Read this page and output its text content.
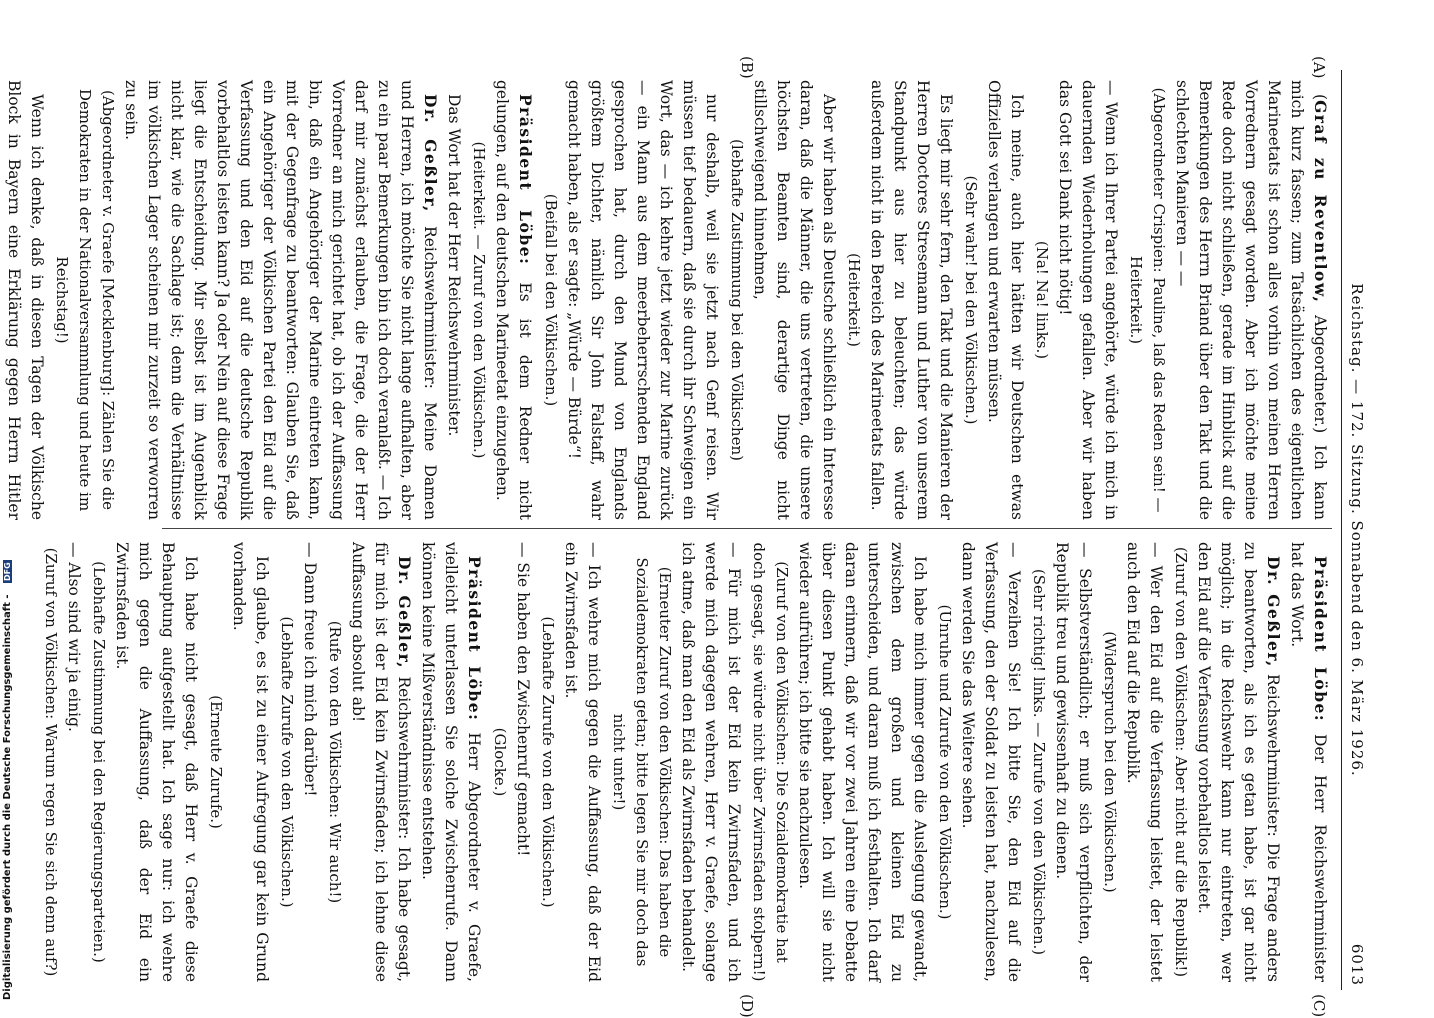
Reichstag. — 172. Sitzung. Sonnabend den 6. März 1926.
6013
(A)
(B)
(C)
(D)
(Graf zu Reventlow, Abgeordneter.) Ich kann mich kurz fassen; zum Tatsächlichen des eigentlichen Marineetats ist schon alles vorhin von meinen Herren Vorrednern gesagt worden. Aber ich möchte meine Rede doch nicht schließen, gerade im Hinblick auf die Bemerkungen des Herrn Briand über den Takt und die schlechten Manieren — —
(Abgeordneter Crispien: Pauline, laß das Reden sein! — Heiterkeit.)
— Wenn ich Ihrer Partei angehörte, würde ich mich in dauernden Wiederholungen gefallen. Aber wir haben das Gott sei Dank nicht nötig!
(Na! Na! links.)
Ich meine, auch hier hätten wir Deutschen etwas Offizielles verlangen und erwarten müssen.
(Sehr wahr! bei den Völkischen.)
Es liegt mir sehr fern, den Takt und die Manieren der Herren Doctores Stresemann und Luther von unserem Standpunkt aus hier zu beleuchten; das würde außerdem nicht in den Bereich des Marineetats fallen.
(Heiterkeit.)
Aber wir haben als Deutsche schließlich ein Interesse daran, daß die Männer, die uns vertreten, die unsere höchsten Beamten sind, derartige Dinge nicht stillschweigend hinnehmen,
(lebhafte Zustimmung bei den Völkischen)
nur deshalb, weil sie jetzt nach Genf reisen. Wir müssen tief bedauern, daß sie durch ihr Schweigen ein Wort, das — ich kehre jetzt wieder zur Marine zurück — ein Mann aus dem meerbeherrschenden England gesprochen hat, durch den Mund von Englands größtem Dichter, nämlich Sir John Falstaff, wahr gemacht haben, als er sagte: „Würde — Bürde“!
(Beifall bei den Völkischen.)
Präsident Löbe: Es ist dem Redner nicht gelungen, auf den deutschen Marineetat einzugehen.
(Heiterkeit. — Zuruf von den Völkischen.)
Das Wort hat der Herr Reichswehrminister.
Dr. Geßler, Reichswehrminister: Meine Damen und Herren, ich möchte Sie nicht lange aufhalten, aber zu ein paar Bemerkungen bin ich doch veranlaßt. — Ich darf mir zunächst erlauben, die Frage, die der Herr Vorredner an mich gerichtet hat, ob ich der Auffassung bin, daß ein Angehöriger der Marine eintreten kann, mit der Gegenfrage zu beantworten: Glauben Sie, daß ein Angehöriger der Völkischen Partei den Eid auf die Verfassung und den Eid auf die deutsche Republik vorbehaltlos leisten kann? Ja oder Nein auf diese Frage liegt die Entscheidung. Mir selbst ist im Augenblick nicht klar, wie die Sachlage ist; denn die Verhältnisse im völkischen Lager scheinen mir zurzeit so verworren zu sein.
(Abgeordneter v. Graefe [Mecklenburg]: Zählen Sie die Demokraten in der Nationalversammlung und heute im Reichstag!)
Wenn ich denke, daß in diesen Tagen der Völkische Block in Bayern eine Erklärung gegen Herrn Hitler
Präsident Löbe: Der Herr Reichswehrminister hat das Wort.
Dr. Geßler, Reichswehrminister: Die Frage anders zu beantworten, als ich es getan habe, ist gar nicht möglich; in die Reichswehr kann nur eintreten, wer den Eid auf die Verfassung vorbehaltlos leistet.
(Zuruf von den Völkischen: Aber nicht auf die Republik!)
— Wer den Eid auf die Verfassung leistet, der leistet auch den Eid auf die Republik.
(Widerspruch bei den Völkischen.)
— Selbstverständlich; er muß sich verpflichten, der Republik treu und gewissenhaft zu dienen.
(Sehr richtig! links. — Zurufe von den Völkischen.)
— Verzeihen Sie! Ich bitte Sie, den Eid auf die Verfassung, den der Soldat zu leisten hat, nachzulesen, dann werden Sie das Weitere sehen.
(Unruhe und Zurufe von den Völkischen.)
Ich habe mich immer gegen die Auslegung gewandt, zwischen dem großen und kleinen Eid zu unterscheiden, und daran muß ich festhalten. Ich darf daran erinnern, daß wir vor zwei Jahren eine Debatte über diesen Punkt gehabt haben. Ich will sie nicht wieder aufrühren; ich bitte sie nachzulesen.
(Zuruf von den Völkischen: Die Sozialdemokratie hat doch gesagt, sie würde nicht über Zwirnsfaden stolpern!)
— Für mich ist der Eid kein Zwirnsfaden, und ich werde mich dagegen wehren, Herr v. Graefe, solange ich atme, daß man den Eid als Zwirnsfaden behandelt.
(Erneuter Zuruf von den Völkischen: Das haben die Sozialdemokraten getan; bitte legen Sie mir doch das nicht unter!)
— Ich wehre mich gegen die Auffassung, daß der Eid ein Zwirnsfaden ist.
(Lebhafte Zurufe von den Völkischen.)
— Sie haben den Zwischenruf gemacht!
(Glocke.)
Präsident Löbe: Herr Abgeordneter v. Graefe, vielleicht unterlassen Sie solche Zwischenrufe. Dann können keine Mißverständnisse entstehen.
Dr. Geßler, Reichswehrminister: Ich habe gesagt, für mich ist der Eid kein Zwirnsfaden; ich lehne diese Auffassung absolut ab!
(Rufe von den Völkischen: Wir auch!)
— Dann freue ich mich darüber!
(Lebhafte Zurufe von den Völkischen.)
Ich glaube, es ist zu einer Aufregung gar kein Grund vorhanden.
(Erneute Zurufe.)
Ich habe nicht gesagt, daß Herr v. Graefe diese Behauptung aufgestellt hat. Ich sage nur: ich wehre mich gegen die Auffassung, daß der Eid ein Zwirnsfaden ist.
(Lebhafte Zustimmung bei den Regierungsparteien.)
— Also sind wir ja einig.
(Zuruf von Völkischen: Warum regen Sie sich denn auf?)
Digitalisierung gefördert durch die Deutsche Forschungsgemeinschaft - DFG
